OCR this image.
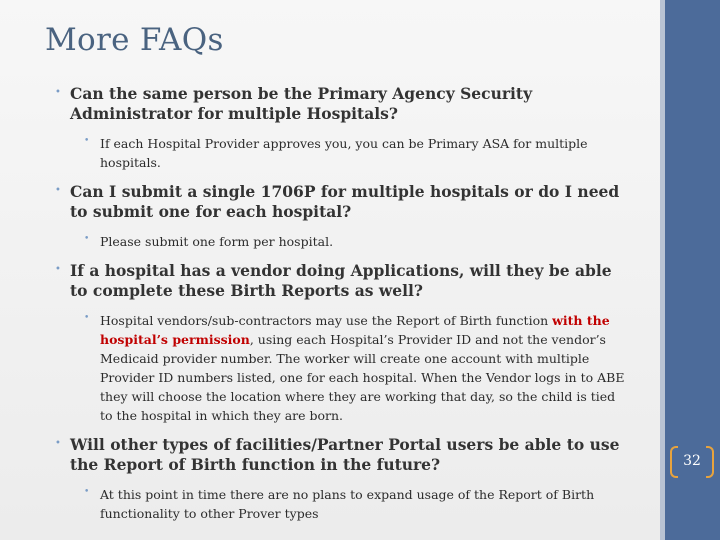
More FAQs
• Can the same person be the Primary Agency Security Administrator for multiple Hospitals?
• If each Hospital Provider approves you, you can be Primary ASA for multiple hospitals.
• Can I submit a single 1706P for multiple hospitals or do I need to submit one for each hospital?
• Please submit one form per hospital.
• If a hospital has a vendor doing Applications, will they be able to complete these Birth Reports as well?
• Hospital vendors/sub-contractors may use the Report of Birth function with the hospital’s permission, using each Hospital’s Provider ID and not the vendor’s Medicaid provider number. The worker will create one account with multiple Provider ID numbers listed, one for each hospital. When the Vendor logs in to ABE they will choose the location where they are working that day, so the child is tied to the hospital in which they are born.
• Will other types of facilities/Partner Portal users be able to use the Report of Birth function in the future?
• At this point in time there are no plans to expand usage of the Report of Birth functionality to other Prover types
32
